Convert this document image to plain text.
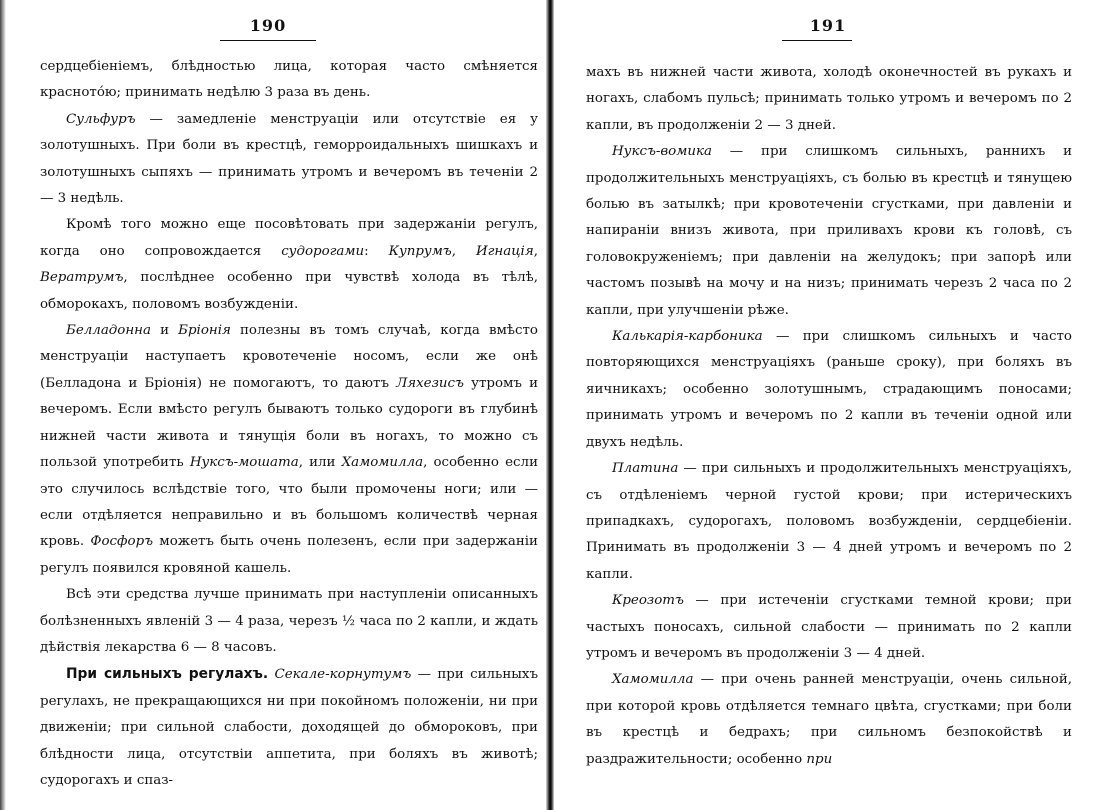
190

сердцебіеніемъ, блѣдностью лица, которая часто смѣняется красното́ю; принимать недѣлю 3 раза въ день.

Сульфуръ — замедленіе менструаціи или отсутствіе ея у золотушныхъ. При боли въ крестцѣ, геморроидальныхъ шишкахъ и золотушныхъ сыпяхъ — принимать утромъ и вечеромъ въ теченіи 2 — 3 недѣль.

Кромѣ того можно еще посовѣтовать при задержаніи регулъ, когда оно сопровождается судорогами: Купрумъ, Игнація, Вератрумъ, послѣднее особенно при чувствѣ холода въ тѣлѣ, обморокахъ, половомъ возбужденіи.

Белладонна и Бріонія полезны въ томъ случаѣ, когда вмѣсто менструаціи наступаетъ кровотеченіе носомъ, если же онѣ (Белладона и Бріонія) не помогаютъ, то даютъ Ляхезисъ утромъ и вечеромъ. Если вмѣсто регулъ бываютъ только судороги въ глубинѣ нижней части живота и тянущія боли въ ногахъ, то можно съ пользой употребить Нуксъ-мошата, или Хамомилла, особенно если это случилось вслѣдствіе того, что были промочены ноги; или — если отдѣляется неправильно и въ большомъ количествѣ черная кровь. Фосфоръ можетъ быть очень полезенъ, если при задержаніи регулъ появился кровяной кашель.

Всѣ эти средства лучше принимать при наступленіи описанныхъ болѣзненныхъ явленій 3 — 4 раза, черезъ ½ часа по 2 капли, и ждать дѣйствія лекарства 6 — 8 часовъ.

При сильныхъ регулахъ. Секале-корнутумъ — при сильныхъ регулахъ, не прекращающихся ни при покойномъ положеніи, ни при движеніи; при сильной слабости, доходящей до обмороковъ, при блѣдности лица, отсутствіи аппетита, при боляхъ въ животѣ; судорогахъ и спаз-

191

махъ въ нижней части живота, холодѣ оконечностей въ рукахъ и ногахъ, слабомъ пульсѣ; принимать только утромъ и вечеромъ по 2 капли, въ продолженіи 2 — 3 дней.

Нуксъ-вомика — при слишкомъ сильныхъ, раннихъ и продолжительныхъ менструаціяхъ, съ болью въ крестцѣ и тянущею болью въ затылкѣ; при кровотеченіи сгустками, при давленіи и напираніи внизъ живота, при приливахъ крови къ головѣ, съ головокруженіемъ; при давленіи на желудокъ; при запорѣ или частомъ позывѣ на мочу и на низъ; принимать черезъ 2 часа по 2 капли, при улучшеніи рѣже.

Калькарія-карбоника — при слишкомъ сильныхъ и часто повторяющихся менструаціяхъ (раньше сроку), при боляхъ въ яичникахъ; особенно золотушнымъ, страдающимъ поносами; принимать утромъ и вечеромъ по 2 капли въ теченіи одной или двухъ недѣль.

Платина — при сильныхъ и продолжительныхъ менструаціяхъ, съ отдѣленіемъ черной густой крови; при истерическихъ припадкахъ, судорогахъ, половомъ возбужденіи, сердцебіеніи. Принимать въ продолженіи 3 — 4 дней утромъ и вечеромъ по 2 капли.

Креозотъ — при истеченіи сгустками темной крови; при частыхъ поносахъ, сильной слабости — принимать по 2 капли утромъ и вечеромъ въ продолженіи 3 — 4 дней.

Хамомилла — при очень ранней менструаціи, очень сильной, при которой кровь отдѣляется темнаго цвѣта, сгустками; при боли въ крестцѣ и бедрахъ; при сильномъ безпокойствѣ и раздражительности; особенно при
